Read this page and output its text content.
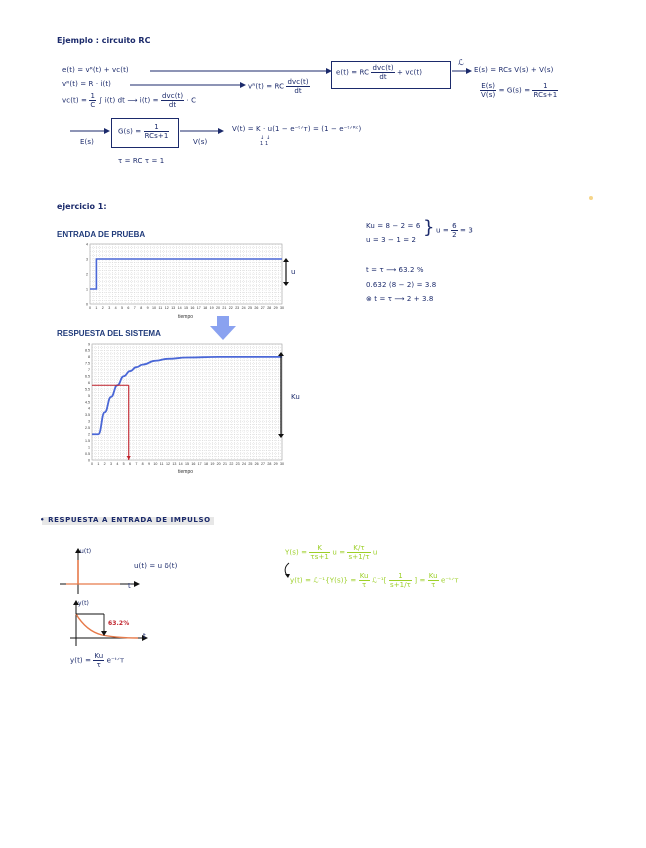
Ejemplo : circuito RC
e(t) = vᴿ(t) + vᴄ(t)
vᴿ(t) = R · i(t)	vᴿ(t) = RC $\frac{\text{dvᴄ(t)}}{dt}$
vᴄ(t) = $\frac{1}{C}$ ∫ i(t) dt ⟶ $i(t) = \frac{\text{dvᴄ(t)}}{dt} \cdot C$
e(t) = RC $\frac{\text{dvᴄ(t)}}{dt}$ + vᴄ(t)
ℒ
E(s) = RCs V(s) + V(s)
$\frac{E(s)}{V(s)} = G(s) = \frac{1}{\text{RCs+1}}$
E(s)
$G(s) = \frac{1}{\text{RCs+1}}$
V(s)
V(t) = K · u(1 − e⁻ᵗᐟᴛ) = (1 − e⁻ᵗᐟᴿᶜ)
↓ ↓
1 1
τ = RC τ = 1
ejercicio 1:
ENTRADA DE PRUEBA
0 1 2 3 4 5 6 7 8 9 10 11 12 13 14 15 16 17 18 19 20 21 22 23 24 25 26 27 28 29 30
0
1
2
3
4
tiempo
u
RESPUESTA DEL SISTEMA
0 1 2 3 4 5 6 7 8 9 10 11 12 13 14 15 16 17 18 19 20 21 22 23 24 25 26 27 28 29 30
0
0.5
1
1.5
2
2.5
3
3.5
4
4.5
5
5.5
6
6.5
7
7.5
8
8.5
9
tiempo
Ku
Ku = 8 − 2 = 6
u = 3 − 1 = 2
} $u = \frac{6}{2} = 3$
t = τ ⟶ 63.2 %
0.632 (8 − 2) = 3.8
⊗ t = τ ⟶ 2 + 3.8
• RESPUESTA A ENTRADA DE IMPULSO
u(t)
u(t) = u δ(t)
t
y(t)
63.2%
t
$y(t) = \frac{Ku}{\tau}$ e⁻ᵗᐟᴛ
$Y(s) = \frac{K}{\tau s+1}$ $u = \frac{K/\tau}{s+1/\tau}$ u
y(t) = ℒ⁻¹{Y(s)} = $\frac{Ku}{\tau}$ ℒ⁻¹[ $\frac{1}{s+1/\tau}$ ] = $\frac{Ku}{\tau}$ e⁻ᵗᐟᴛ
